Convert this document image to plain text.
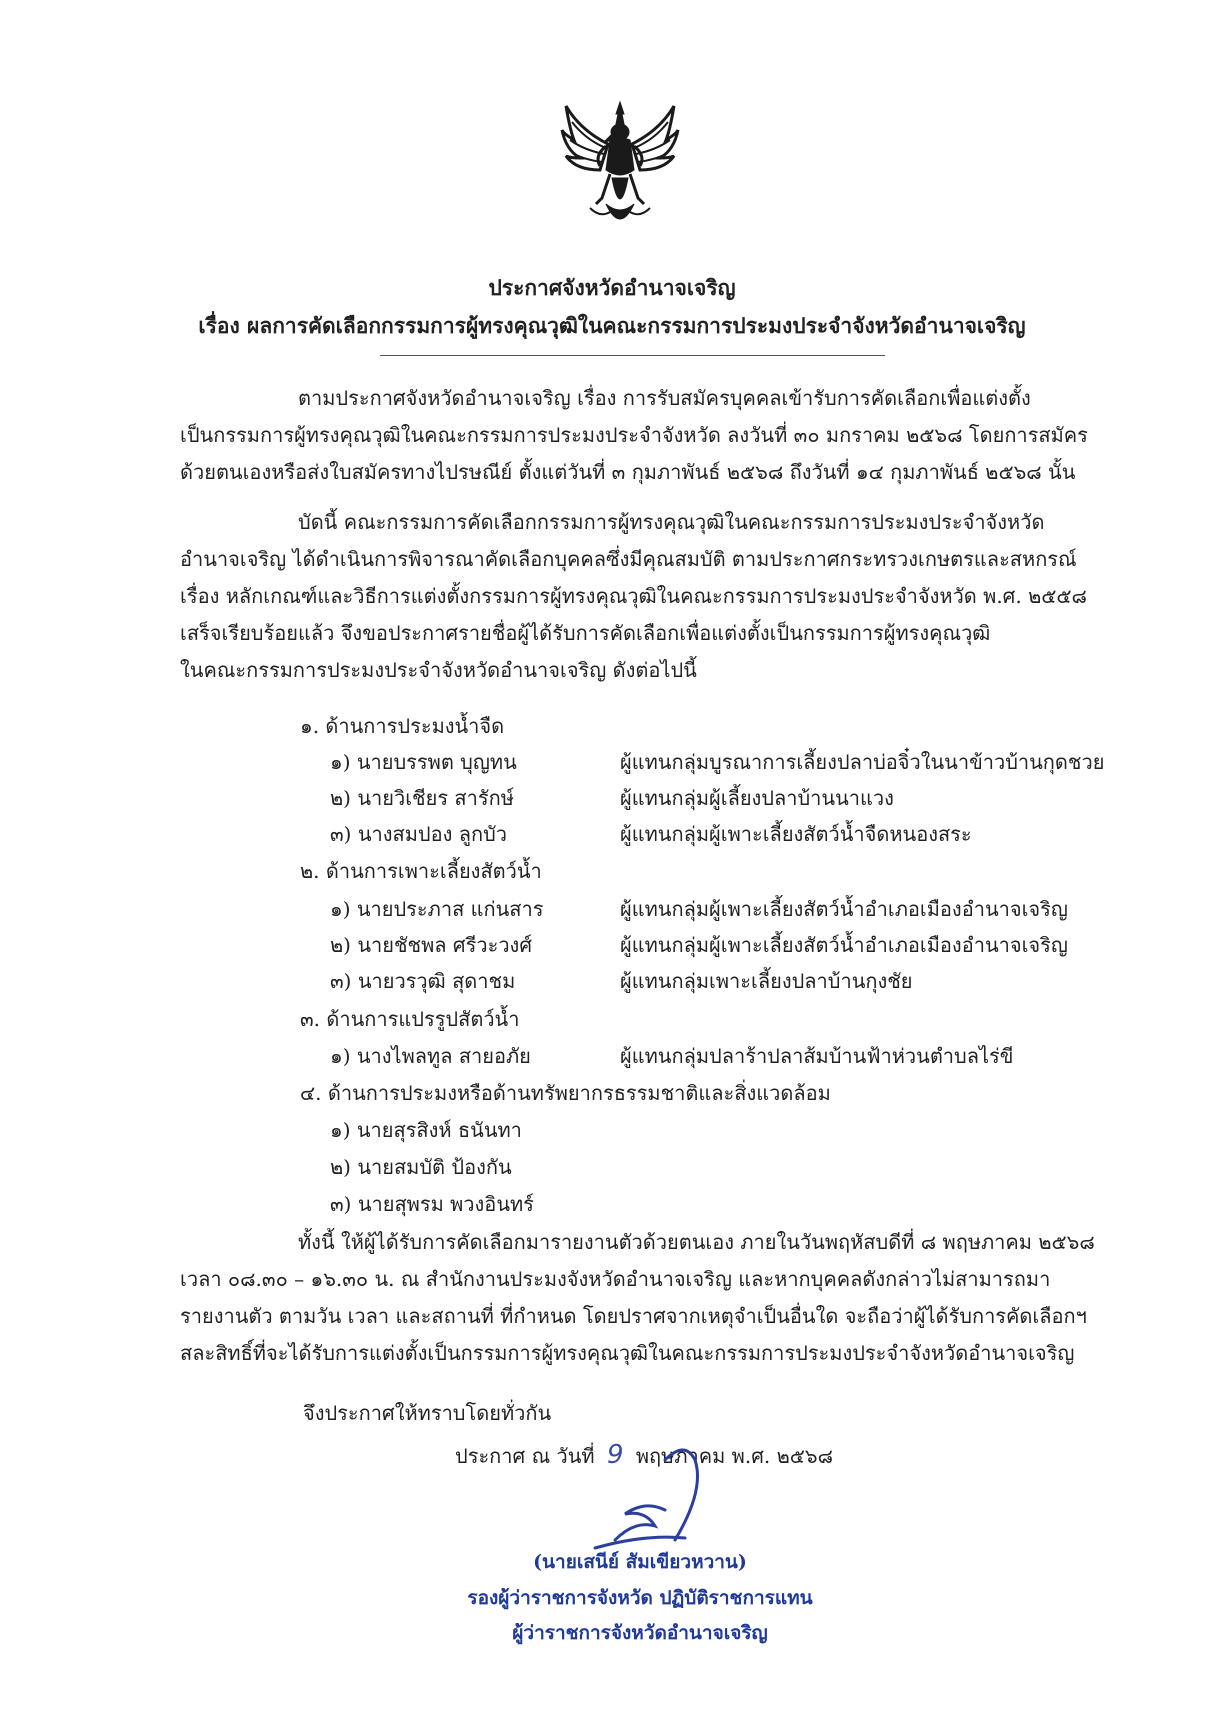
ประกาศจังหวัดอำนาจเจริญ
เรื่อง ผลการคัดเลือกกรรมการผู้ทรงคุณวุฒิในคณะกรรมการประมงประจำจังหวัดอำนาจเจริญ
ตามประกาศจังหวัดอำนาจเจริญ เรื่อง การรับสมัครบุคคลเข้ารับการคัดเลือกเพื่อแต่งตั้ง
เป็นกรรมการผู้ทรงคุณวุฒิในคณะกรรมการประมงประจำจังหวัด ลงวันที่ ๓๐ มกราคม ๒๕๖๘ โดยการสมัคร
ด้วยตนเองหรือส่งใบสมัครทางไปรษณีย์ ตั้งแต่วันที่ ๓ กุมภาพันธ์ ๒๕๖๘ ถึงวันที่ ๑๔ กุมภาพันธ์ ๒๕๖๘ นั้น
บัดนี้ คณะกรรมการคัดเลือกกรรมการผู้ทรงคุณวุฒิในคณะกรรมการประมงประจำจังหวัด
อำนาจเจริญ ได้ดำเนินการพิจารณาคัดเลือกบุคคลซึ่งมีคุณสมบัติ ตามประกาศกระทรวงเกษตรและสหกรณ์
เรื่อง หลักเกณฑ์และวิธีการแต่งตั้งกรรมการผู้ทรงคุณวุฒิในคณะกรรมการประมงประจำจังหวัด พ.ศ. ๒๕๕๘
เสร็จเรียบร้อยแล้ว จึงขอประกาศรายชื่อผู้ได้รับการคัดเลือกเพื่อแต่งตั้งเป็นกรรมการผู้ทรงคุณวุฒิ
ในคณะกรรมการประมงประจำจังหวัดอำนาจเจริญ ดังต่อไปนี้
๑. ด้านการประมงน้ำจืด
๑) นายบรรพต บุญทน	ผู้แทนกลุ่มบูรณาการเลี้ยงปลาบ่อจิ๋วในนาข้าวบ้านกุดชวย
๒) นายวิเชียร สารักษ์	ผู้แทนกลุ่มผู้เลี้ยงปลาบ้านนาแวง
๓) นางสมปอง ลูกบัว	ผู้แทนกลุ่มผู้เพาะเลี้ยงสัตว์น้ำจืดหนองสระ
๒. ด้านการเพาะเลี้ยงสัตว์น้ำ
๑) นายประภาส แก่นสาร	ผู้แทนกลุ่มผู้เพาะเลี้ยงสัตว์น้ำอำเภอเมืองอำนาจเจริญ
๒) นายชัชพล ศรีวะวงศ์	ผู้แทนกลุ่มผู้เพาะเลี้ยงสัตว์น้ำอำเภอเมืองอำนาจเจริญ
๓) นายวรวุฒิ สุดาชม	ผู้แทนกลุ่มเพาะเลี้ยงปลาบ้านกุงชัย
๓. ด้านการแปรรูปสัตว์น้ำ
๑) นางไพลทูล สายอภัย	ผู้แทนกลุ่มปลาร้าปลาส้มบ้านฟ้าห่วนตำบลไร่ขี
๔. ด้านการประมงหรือด้านทรัพยากรธรรมชาติและสิ่งแวดล้อม
๑) นายสุรสิงห์ ธนันทา
๒) นายสมบัติ ป้องกัน
๓) นายสุพรม พวงอินทร์
ทั้งนี้ ให้ผู้ได้รับการคัดเลือกมารายงานตัวด้วยตนเอง ภายในวันพฤหัสบดีที่ ๘ พฤษภาคม ๒๕๖๘
เวลา ๐๘.๓๐ – ๑๖.๓๐ น. ณ สำนักงานประมงจังหวัดอำนาจเจริญ และหากบุคคลดังกล่าวไม่สามารถมา
รายงานตัว ตามวัน เวลา และสถานที่ ที่กำหนด โดยปราศจากเหตุจำเป็นอื่นใด จะถือว่าผู้ได้รับการคัดเลือกฯ
สละสิทธิ์ที่จะได้รับการแต่งตั้งเป็นกรรมการผู้ทรงคุณวุฒิในคณะกรรมการประมงประจำจังหวัดอำนาจเจริญ
จึงประกาศให้ทราบโดยทั่วกัน
ประกาศ ณ วันที่ 9 พฤษภาคม พ.ศ. ๒๕๖๘
(นายเสนีย์ สัมเขียวหวาน)
รองผู้ว่าราชการจังหวัด ปฏิบัติราชการแทน
ผู้ว่าราชการจังหวัดอำนาจเจริญ
